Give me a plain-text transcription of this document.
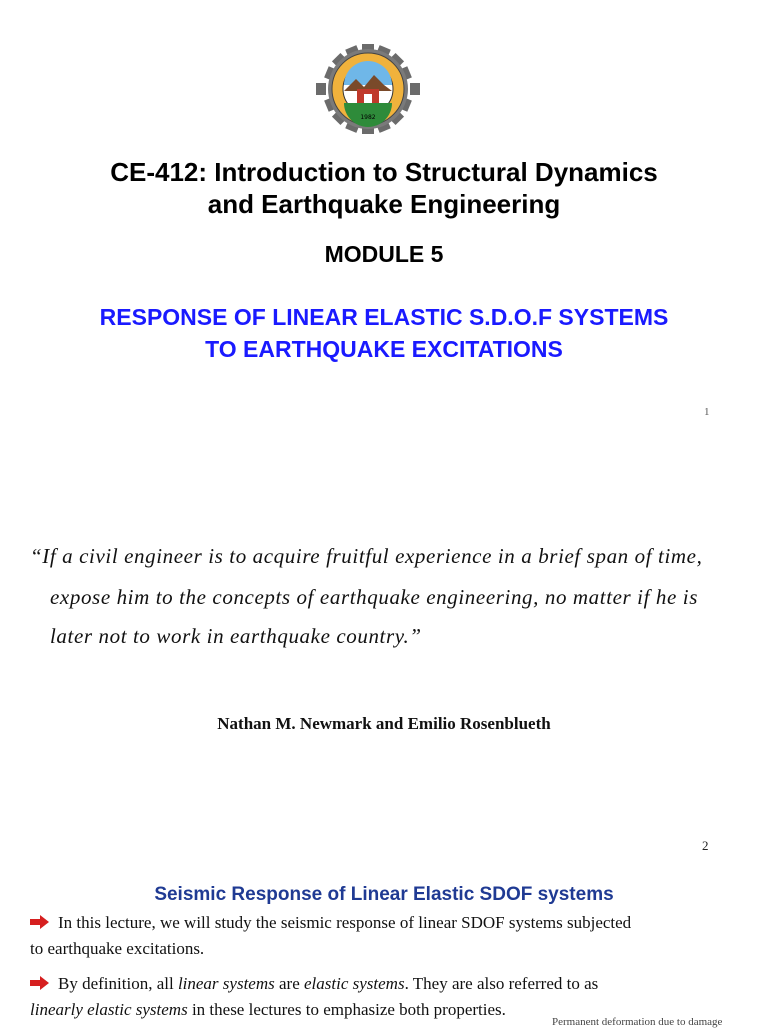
1982
CE-412: Introduction to Structural Dynamics
and Earthquake Engineering
MODULE 5
RESPONSE OF LINEAR ELASTIC S.D.O.F SYSTEMS
TO EARTHQUAKE EXCITATIONS
1
“If a civil engineer is to acquire fruitful experience in a brief span of time,
expose him to the concepts of earthquake engineering, no matter if he is
later not to work in earthquake country.”
Nathan M. Newmark and Emilio Rosenblueth
2
Seismic Response of Linear Elastic SDOF systems
In this lecture, we will study the seismic response of linear SDOF systems subjected
to earthquake excitations.
By definition, all linear systems are elastic systems. They are also referred to as
linearly elastic systems in these lectures to emphasize both properties.
Permanent deformation due to damage
